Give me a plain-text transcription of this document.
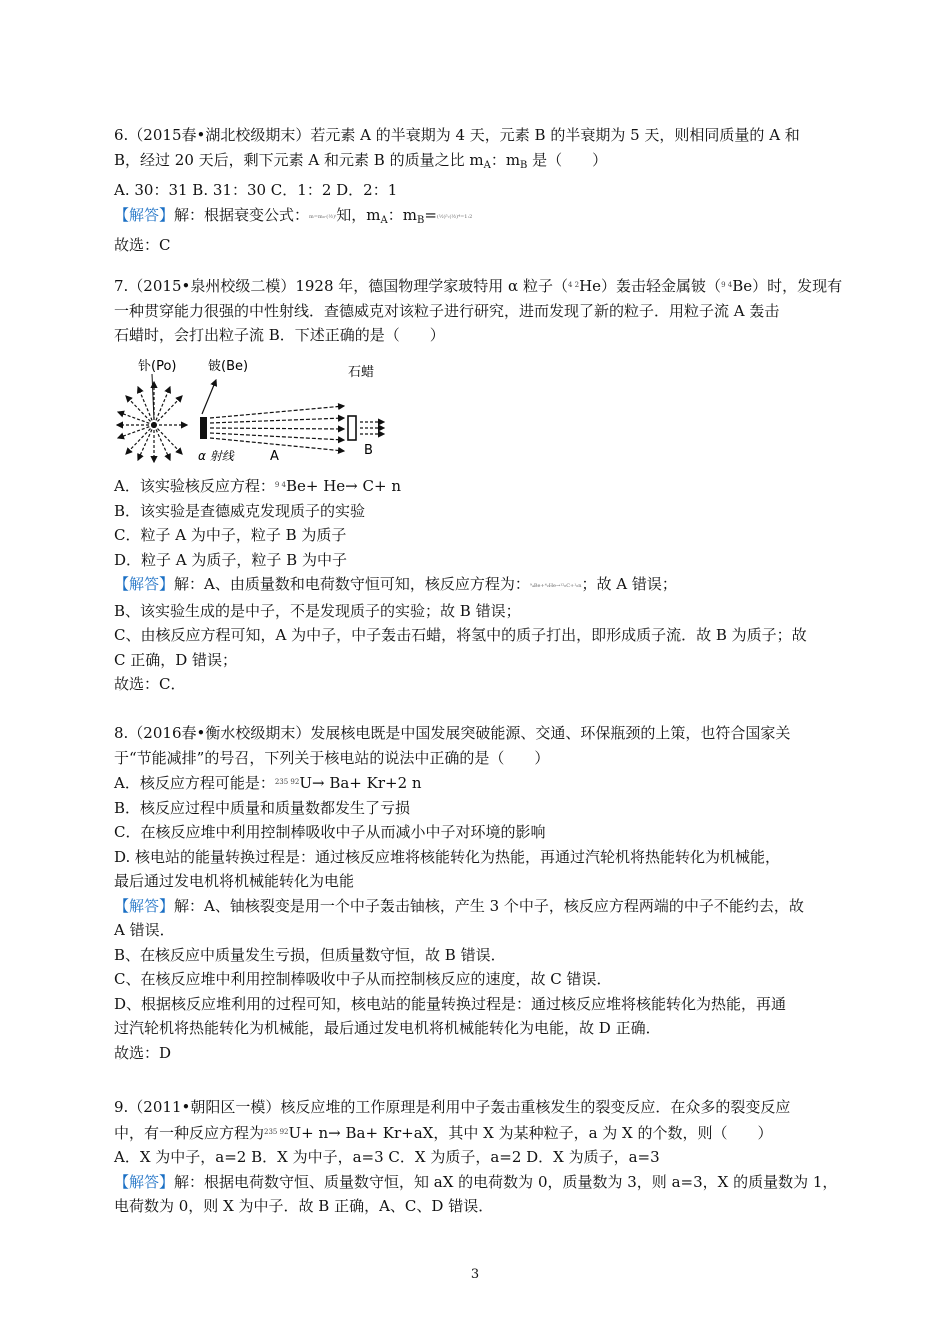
6.（2015春•湖北校级期末）若元素 A 的半衰期为 4 天，元素 B 的半衰期为 5 天，则相同质量的 A 和
B，经过 20 天后，剩下元素 A 和元素 B 的质量之比 $m_A$：$m_B$ 是（　　）
A. 30：31 B. 31：30 C．1：2 D．2：1
【解答】解：根据衰变公式：m=m₀·(½)ᵗ知，$m_A$：$m_B=(\frac{1}{2})^5:(\frac{1}{2})^4=1:2$
故选：C
7.（2015•泉州校级二模）1928 年，德国物理学家玻特用 α 粒子（$^{4 2}$He）轰击轻金属铍（$^{9 4}$Be）时，发现有
一种贯穿能力很强的中性射线．查德威克对该粒子进行研究，进而发现了新的粒子．用粒子流 A 轰击
石蜡时，会打出粒子流 B．下述正确的是（　　）
钋(Po) 铍(Be)	石蜡
B
α 射线	A
A．该实验核反应方程：$^{9 4}$Be+ He→ C+ n
B．该实验是查德威克发现质子的实验
C．粒子 A 为中子，粒子 B 为质子
D．粒子 A 为质子，粒子 B 为中子
【解答】解：A、由质量数和电荷数守恒可知，核反应方程为：⁹₄Be+⁴₂He→¹²₆C+¹₀n；故 A 错误；
B、该实验生成的是中子，不是发现质子的实验；故 B 错误；
C、由核反应方程可知，A 为中子，中子轰击石蜡，将氢中的质子打出，即形成质子流．故 B 为质子；故
C 正确，D 错误；
故选：C．
8.（2016春•衡水校级期末）发展核电既是中国发展突破能源、交通、环保瓶颈的上策，也符合国家关
于“节能减排”的号召，下列关于核电站的说法中正确的是（　　）
A．核反应方程可能是：$^{235 92}$U→ Ba+ Kr+2 n
B．核反应过程中质量和质量数都发生了亏损
C．在核反应堆中利用控制棒吸收中子从而减小中子对环境的影响
D. 核电站的能量转换过程是：通过核反应堆将核能转化为热能，再通过汽轮机将热能转化为机械能，
最后通过发电机将机械能转化为电能
【解答】解：A、铀核裂变是用一个中子轰击铀核，产生 3 个中子，核反应方程两端的中子不能约去，故
A 错误．
B、在核反应中质量发生亏损，但质量数守恒，故 B 错误．
C、在核反应堆中利用控制棒吸收中子从而控制核反应的速度，故 C 错误．
D、根据核反应堆利用的过程可知，核电站的能量转换过程是：通过核反应堆将核能转化为热能，再通
过汽轮机将热能转化为机械能，最后通过发电机将机械能转化为电能，故 D 正确．
故选：D
9.（2011•朝阳区一模）核反应堆的工作原理是利用中子轰击重核发生的裂变反应．在众多的裂变反应
中，有一种反应方程为$^{235 92}$U+ n→ Ba+ Kr+aX，其中 X 为某种粒子，a 为 X 的个数，则（　　）
A．X 为中子，a=2 B．X 为中子，a=3 C．X 为质子，a=2 D．X 为质子，a=3
【解答】解：根据电荷数守恒、质量数守恒，知 aX 的电荷数为 0，质量数为 3，则 a=3，X 的质量数为 1，
电荷数为 0，则 X 为中子．故 B 正确，A、C、D 错误．
3
